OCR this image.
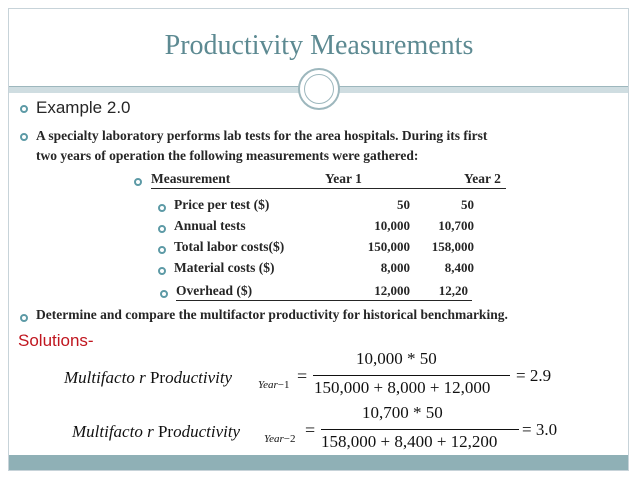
Productivity Measurements
Example 2.0
A specialty laboratory performs lab tests for the area hospitals. During its first
two years of operation the following measurements were gathered:
Measurement	Year 1	Year 2
Price per test ($)	50	50
Annual tests	10,000	10,700
Total labor costs($)	150,000	158,000
Material costs ($)	8,000	8,400
Overhead ($)	12,000	12,20
Determine and compare the multifactor productivity for historical benchmarking.
Solutions-
Multifacto r Productivity Year−1 =
10,000 * 50
150,000 + 8,000 + 12,000
= 2.9
Multifacto r Productivity Year−2 =
10,700 * 50
158,000 + 8,400 + 12,200
= 3.0
